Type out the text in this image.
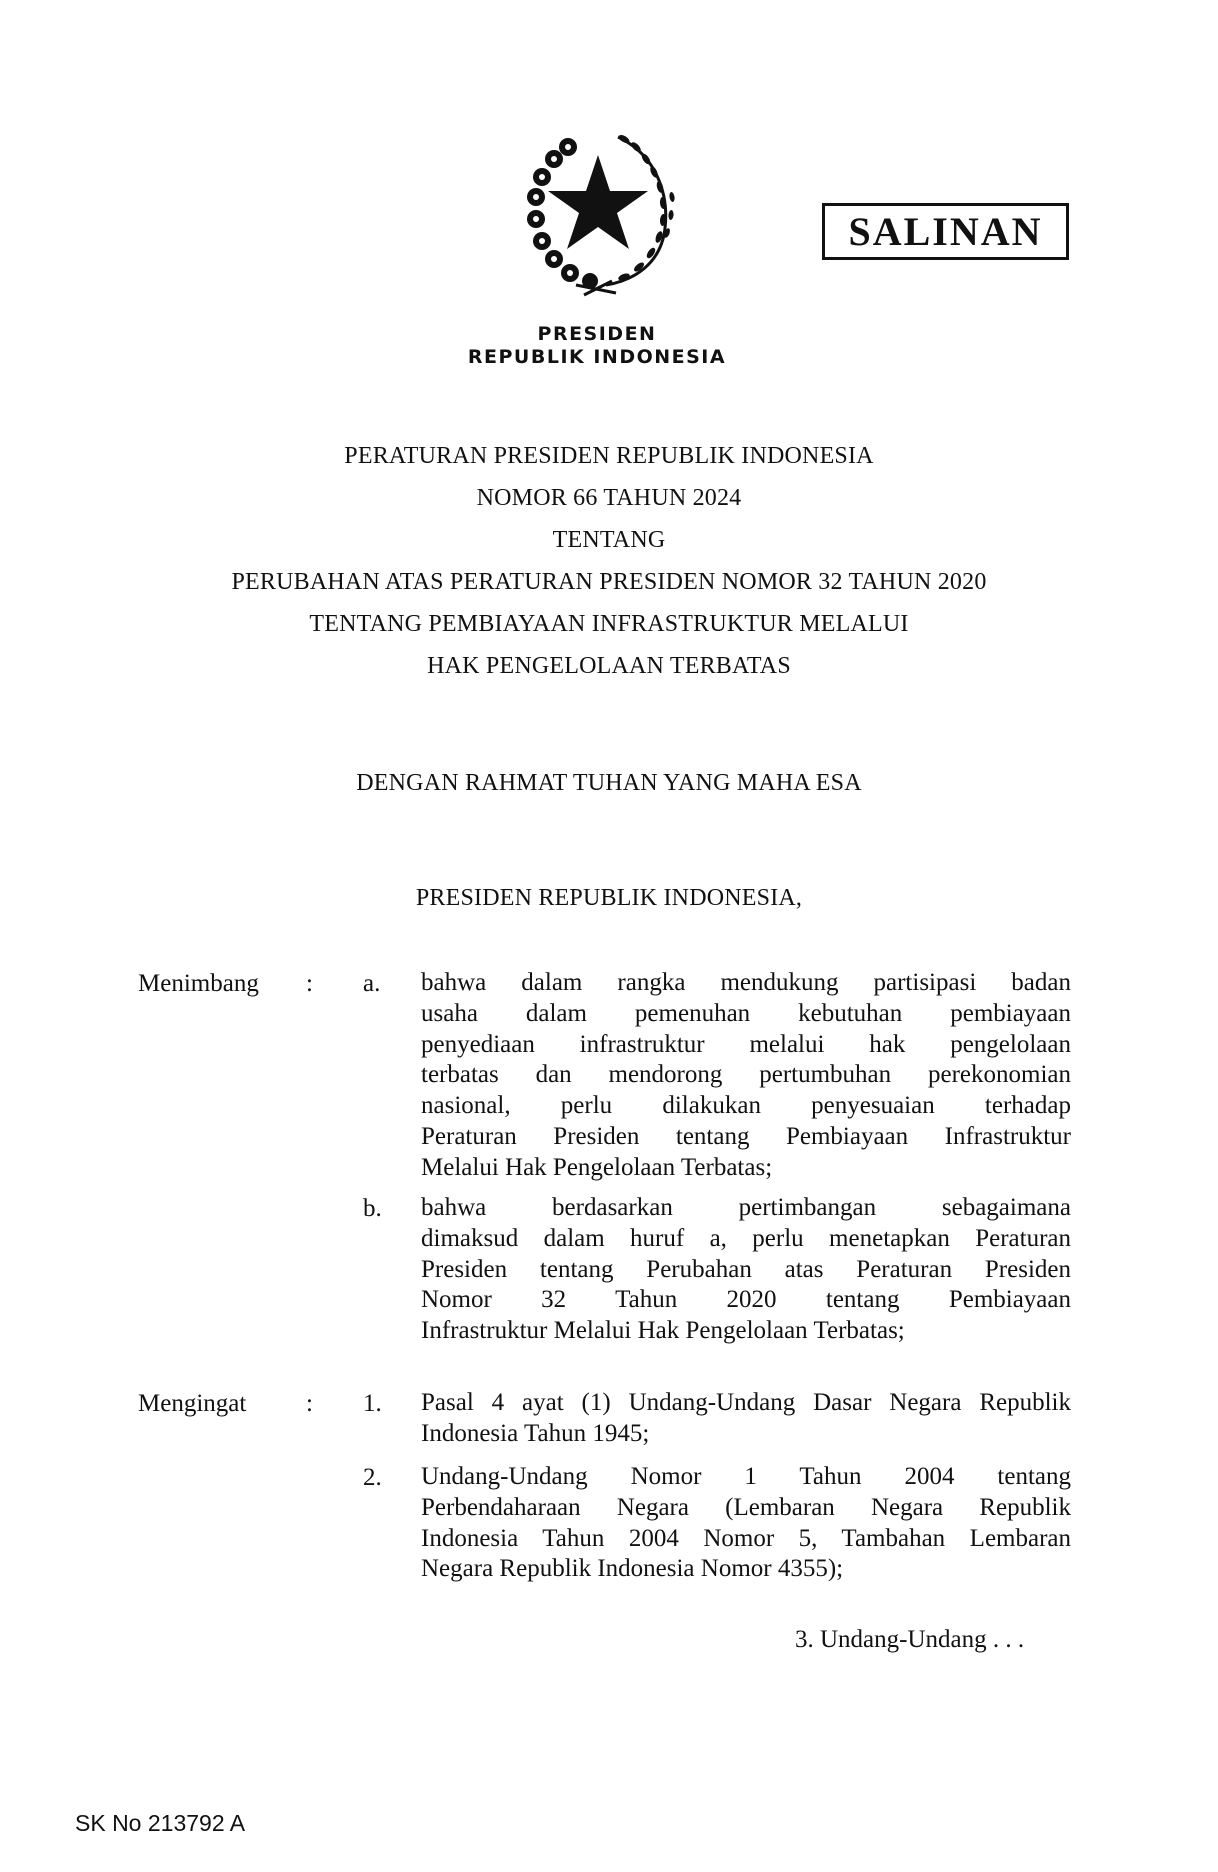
PRESIDEN
REPUBLIK INDONESIA
SALINAN
PERATURAN PRESIDEN REPUBLIK INDONESIA
NOMOR 66 TAHUN 2024
TENTANG
PERUBAHAN ATAS PERATURAN PRESIDEN NOMOR 32 TAHUN 2020
TENTANG PEMBIAYAAN INFRASTRUKTUR MELALUI
HAK PENGELOLAAN TERBATAS
DENGAN RAHMAT TUHAN YANG MAHA ESA
PRESIDEN REPUBLIK INDONESIA,
Menimbang : a. bahwa dalam rangka mendukung partisipasi badan
usaha dalam pemenuhan kebutuhan pembiayaan
penyediaan infrastruktur melalui hak pengelolaan
terbatas dan mendorong pertumbuhan perekonomian
nasional, perlu dilakukan penyesuaian terhadap
Peraturan Presiden tentang Pembiayaan Infrastruktur
Melalui Hak Pengelolaan Terbatas;
b. bahwa berdasarkan pertimbangan sebagaimana
dimaksud dalam huruf a, perlu menetapkan Peraturan
Presiden tentang Perubahan atas Peraturan Presiden
Nomor 32 Tahun 2020 tentang Pembiayaan
Infrastruktur Melalui Hak Pengelolaan Terbatas;
Mengingat : 1. Pasal 4 ayat (1) Undang-Undang Dasar Negara Republik
Indonesia Tahun 1945;
2. Undang-Undang Nomor 1 Tahun 2004 tentang
Perbendaharaan Negara (Lembaran Negara Republik
Indonesia Tahun 2004 Nomor 5, Tambahan Lembaran
Negara Republik Indonesia Nomor 4355);
3. Undang-Undang . . .
SK No 213792 A
